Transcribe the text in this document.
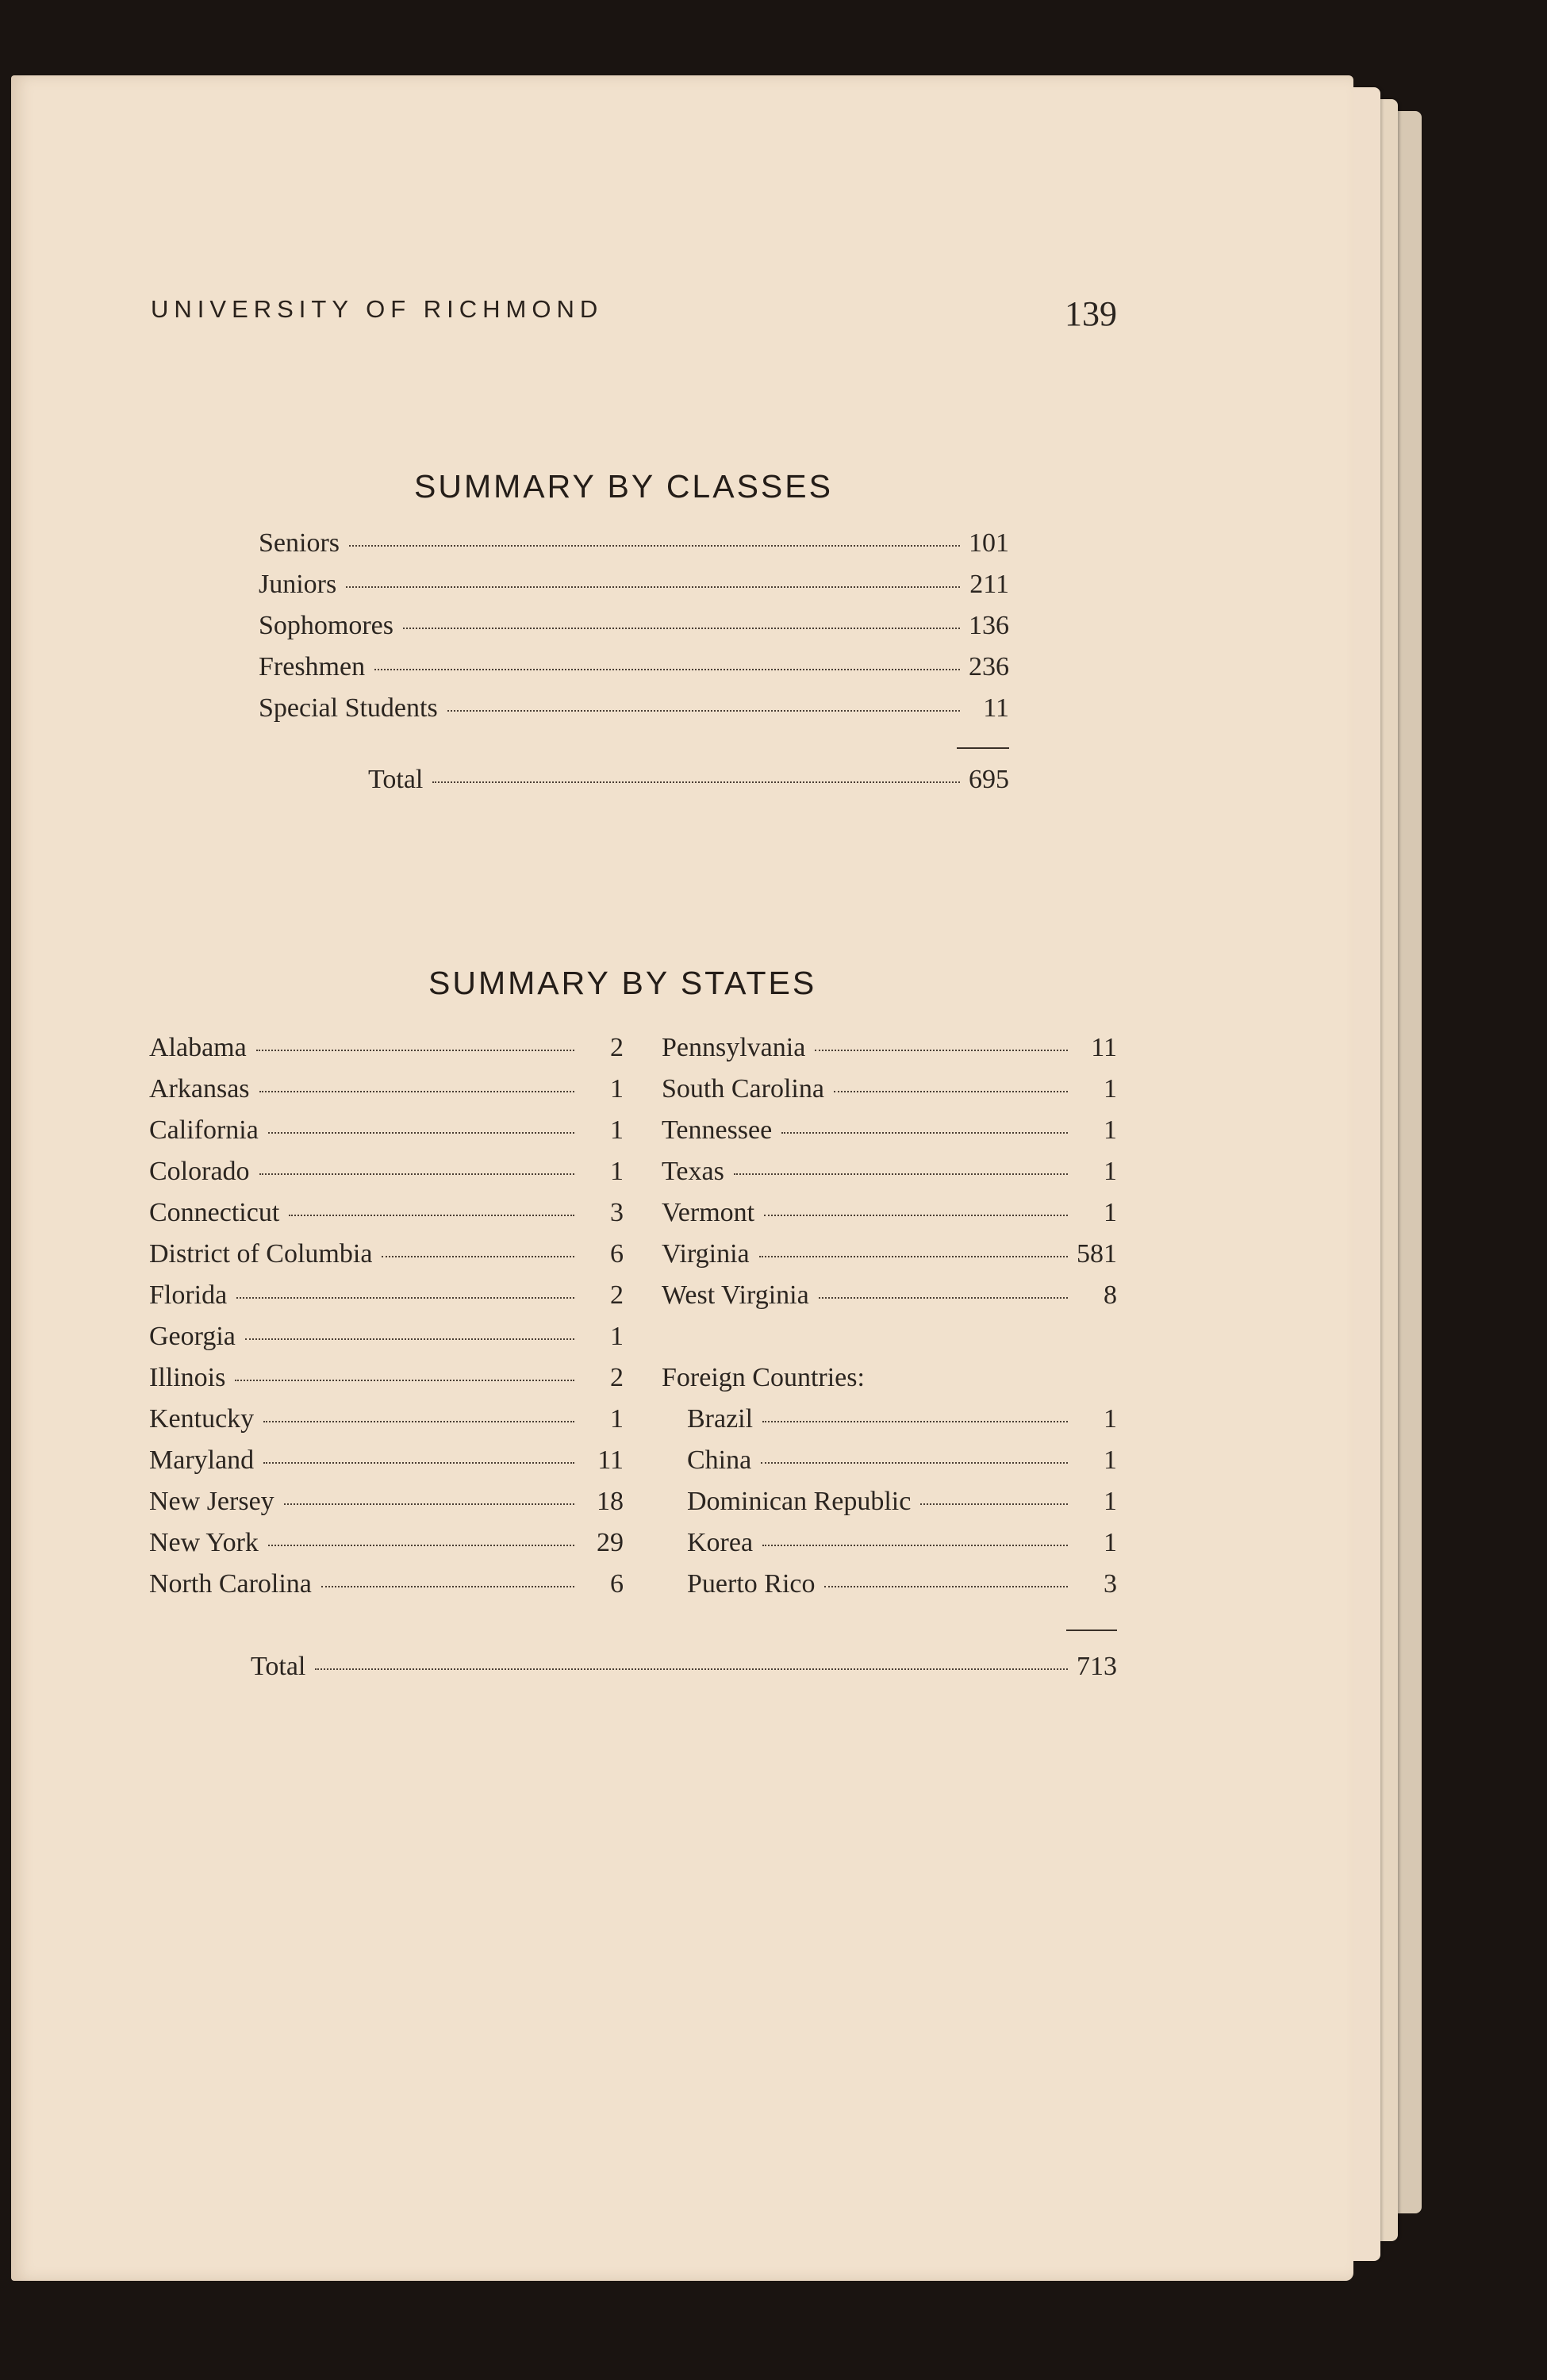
UNIVERSITY OF RICHMOND	139
SUMMARY BY CLASSES
Seniors	101
Juniors	211
Sophomores	136
Freshmen	236
Special Students	11
Total	695
SUMMARY BY STATES
Alabama	2
Arkansas	1
California	1
Colorado	1
Connecticut	3
District of Columbia	6
Florida	2
Georgia	1
Illinois	2
Kentucky	1
Maryland	11
New Jersey	18
New York	29
North Carolina	6
Pennsylvania	11
South Carolina	1
Tennessee	1
Texas	1
Vermont	1
Virginia	581
West Virginia	8
Foreign Countries:
Brazil	1
China	1
Dominican Republic	1
Korea	1
Puerto Rico	3
Total	713
